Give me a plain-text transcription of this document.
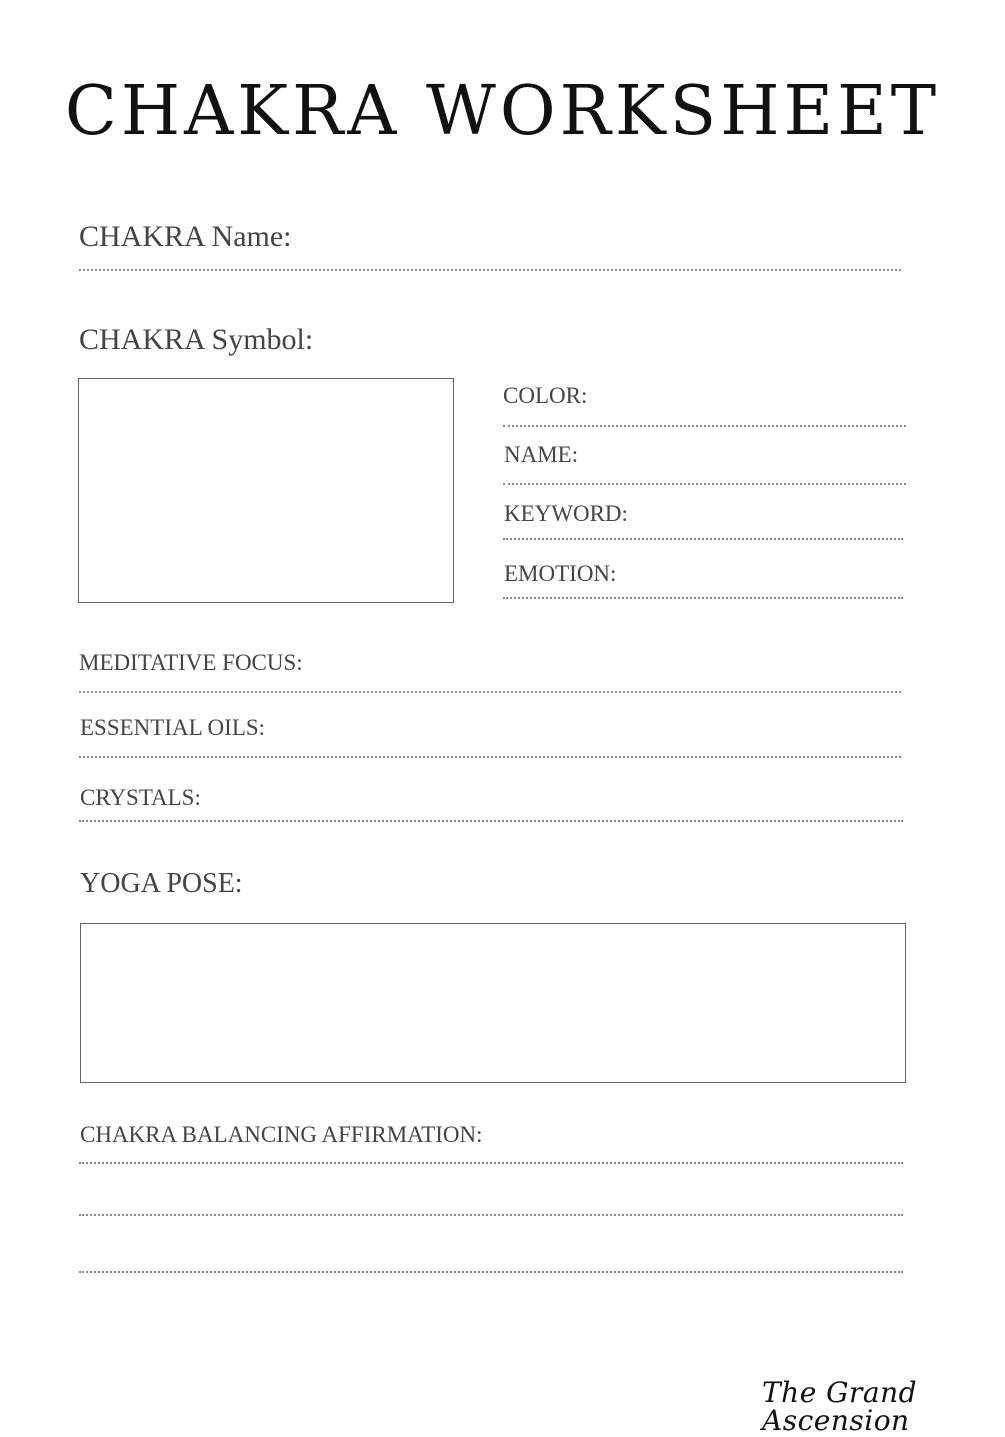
CHAKRA WORKSHEET
CHAKRA Name:
CHAKRA Symbol:
COLOR:
NAME:
KEYWORD:
EMOTION:
MEDITATIVE FOCUS:
ESSENTIAL OILS:
CRYSTALS:
YOGA POSE:
CHAKRA BALANCING AFFIRMATION:
The Grand Ascension
